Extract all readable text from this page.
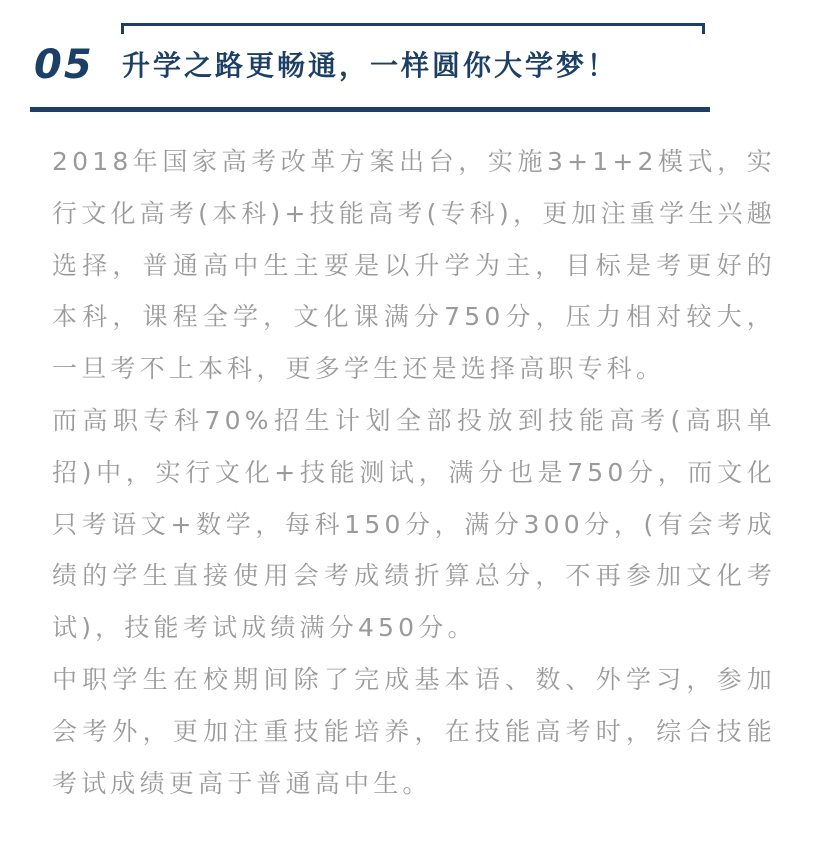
05 升学之路更畅通，一样圆你大学梦！

2018年国家高考改革方案出台，实施3+1+2模式，实行文化高考(本科)+技能高考(专科)，更加注重学生兴趣选择，普通高中生主要是以升学为主，目标是考更好的本科，课程全学，文化课满分750分，压力相对较大，一旦考不上本科，更多学生还是选择高职专科。

而高职专科70%招生计划全部投放到技能高考(高职单招)中，实行文化+技能测试，满分也是750分，而文化只考语文+数学，每科150分，满分300分，(有会考成绩的学生直接使用会考成绩折算总分，不再参加文化考试)，技能考试成绩满分450分。

中职学生在校期间除了完成基本语、数、外学习，参加会考外，更加注重技能培养，在技能高考时，综合技能考试成绩更高于普通高中生。
